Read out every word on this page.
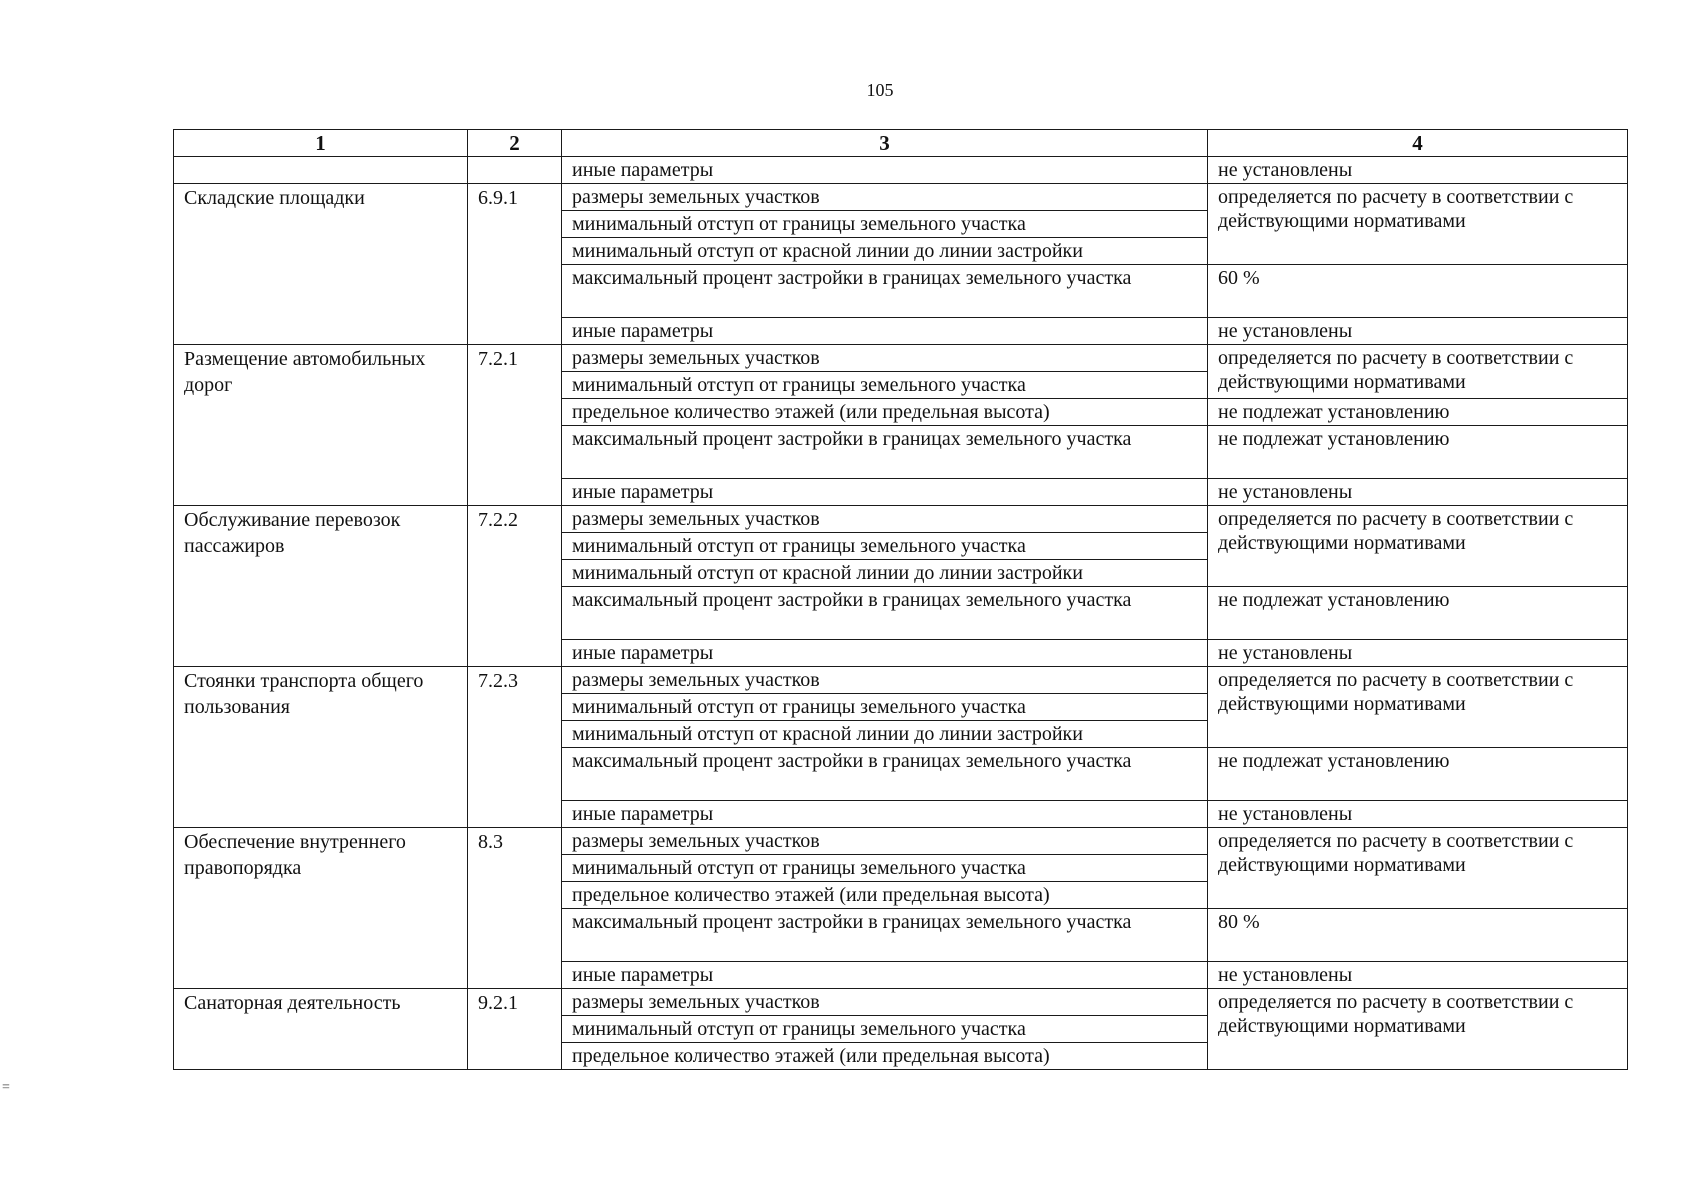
105
1	2	3	4
		иные параметры	не установлены
Складские площадки	6.9.1	размеры земельных участков	определяется по расчету в соответствии с действующими нормативами
		минимальный отступ от границы земельного участка	
		минимальный отступ от красной линии до линии застройки	
		максимальный процент застройки в границах земельного участка	60 %
		иные параметры	не установлены
Размещение автомобильных дорог	7.2.1	размеры земельных участков	определяется по расчету в соответствии с действующими нормативами
		минимальный отступ от границы земельного участка	
		предельное количество этажей (или предельная высота)	не подлежат установлению
		максимальный процент застройки в границах земельного участка	не подлежат установлению
		иные параметры	не установлены
Обслуживание перевозок пассажиров	7.2.2	размеры земельных участков	определяется по расчету в соответствии с действующими нормативами
		минимальный отступ от границы земельного участка	
		минимальный отступ от красной линии до линии застройки	
		максимальный процент застройки в границах земельного участка	не подлежат установлению
		иные параметры	не установлены
Стоянки транспорта общего пользования	7.2.3	размеры земельных участков	определяется по расчету в соответствии с действующими нормативами
		минимальный отступ от границы земельного участка	
		минимальный отступ от красной линии до линии застройки	
		максимальный процент застройки в границах земельного участка	не подлежат установлению
		иные параметры	не установлены
Обеспечение внутреннего правопорядка	8.3	размеры земельных участков	определяется по расчету в соответствии с действующими нормативами
		минимальный отступ от границы земельного участка	
		предельное количество этажей (или предельная высота)	
		максимальный процент застройки в границах земельного участка	80 %
		иные параметры	не установлены
Санаторная деятельность	9.2.1	размеры земельных участков	определяется по расчету в соответствии с действующими нормативами
		минимальный отступ от границы земельного участка	
		предельное количество этажей (или предельная высота)	
=
